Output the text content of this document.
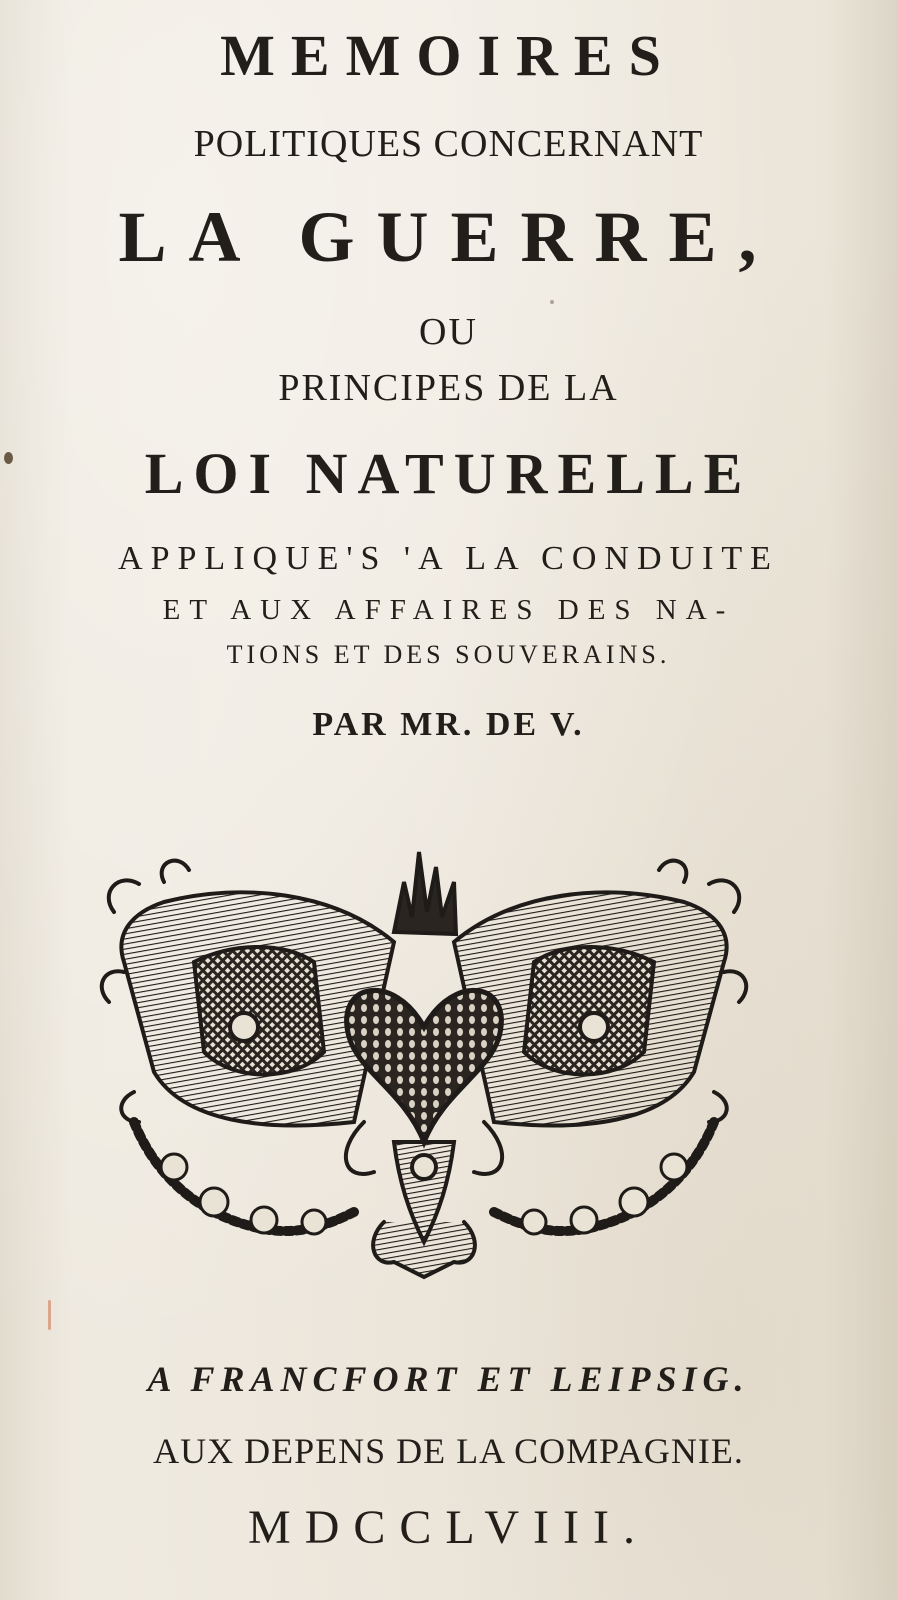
MEMOIRES
POLITIQUES CONCERNANT
LA GUERRE,
OU
PRINCIPES DE LA
LOI NATURELLE
APPLIQUE'S 'A LA CONDUITE
ET AUX AFFAIRES DES NA-
TIONS ET DES SOUVERAINS.
PAR MR. DE V.
A FRANCFORT ET LEIPSIG.
AUX DEPENS DE LA COMPAGNIE.
MDCCLVIII.
